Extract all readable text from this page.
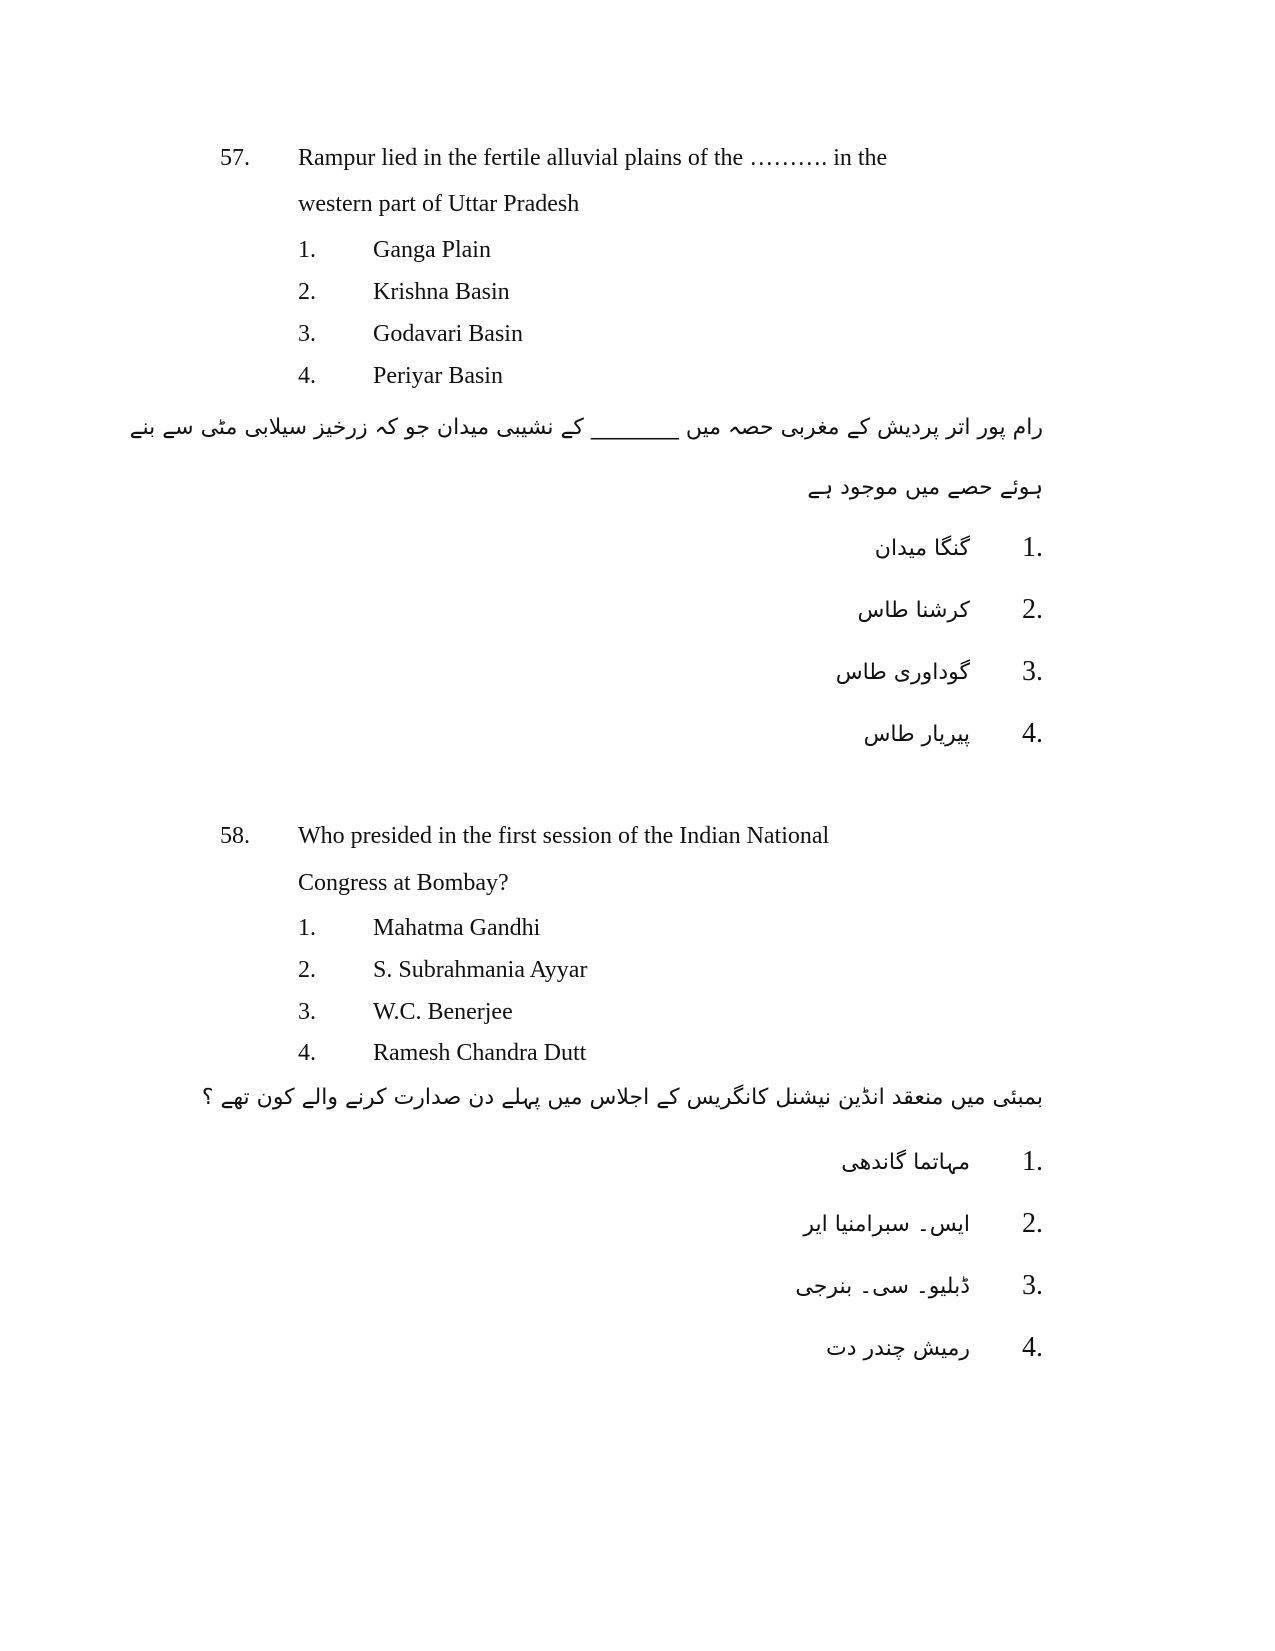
57. Rampur lied in the fertile alluvial plains of the ………. in the
western part of Uttar Pradesh
1. Ganga Plain
2. Krishna Basin
3. Godavari Basin
4. Periyar Basin
رام پور اتر پردیش کے مغربی حصہ میں ________ کے نشیبی میدان جو کہ زرخیز سیلابی مٹی سے بنے
ہوئے حصے میں موجود ہے
1.
گنگا میدان
2.
کرشنا طاس
3.
گوداوری طاس
4.
پیریار طاس
58. Who presided in the first session of the Indian National
Congress at Bombay?
1. Mahatma Gandhi
2. S. Subrahmania Ayyar
3. W.C. Benerjee
4. Ramesh Chandra Dutt
بمبئی میں منعقد انڈین نیشنل کانگریس کے اجلاس میں پہلے دن صدارت کرنے والے کون تھے ؟
1.
مہاتما گاندھی
2.
ایس۔ سبرامنیا ایر
3.
ڈبلیو۔ سی۔ بنرجی
4.
رمیش چندر دت
